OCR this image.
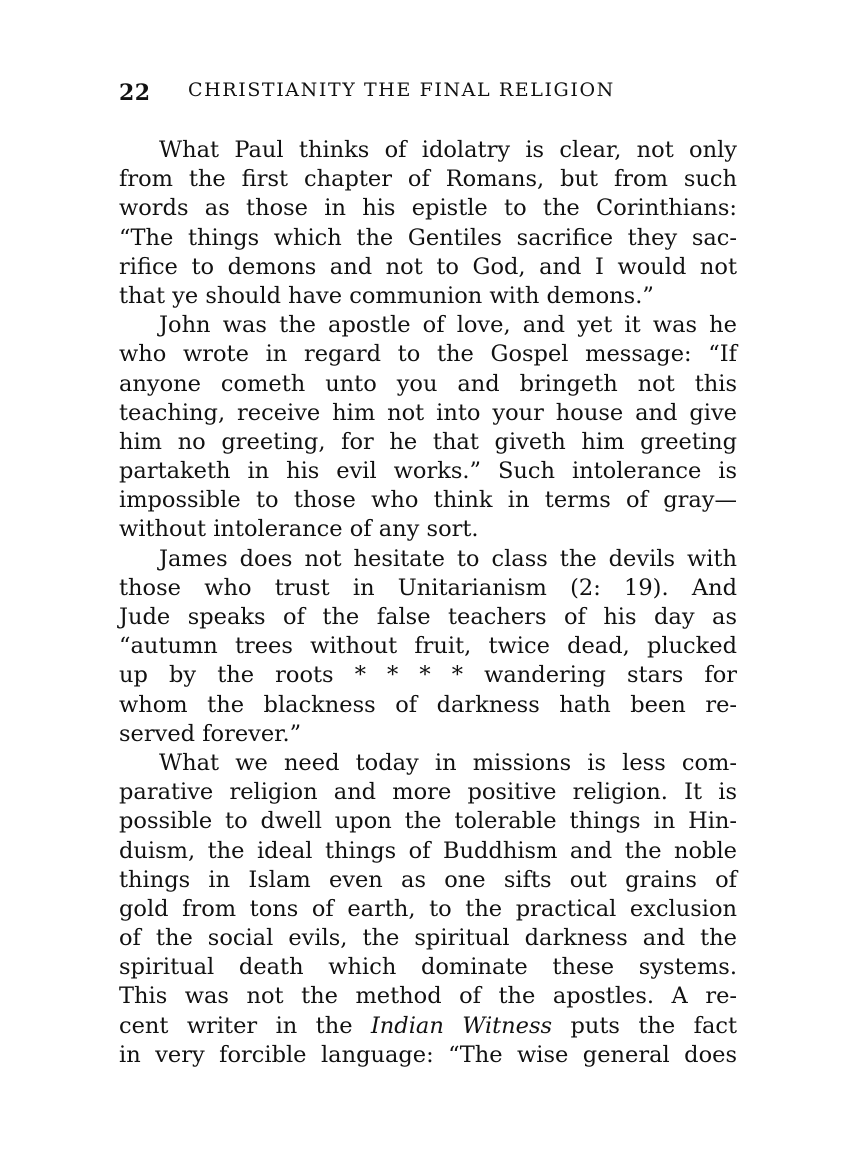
22 CHRISTIANITY THE FINAL RELIGION
What Paul thinks of idolatry is clear, not only
from the first chapter of Romans, but from such
words as those in his epistle to the Corinthians:
“The things which the Gentiles sacrifice they sac-
rifice to demons and not to God, and I would not
that ye should have communion with demons.”
John was the apostle of love, and yet it was he
who wrote in regard to the Gospel message: “If
anyone cometh unto you and bringeth not this
teaching, receive him not into your house and give
him no greeting, for he that giveth him greeting
partaketh in his evil works.” Such intolerance is
impossible to those who think in terms of gray—
without intolerance of any sort.
James does not hesitate to class the devils with
those who trust in Unitarianism (2: 19). And
Jude speaks of the false teachers of his day as
“autumn trees without fruit, twice dead, plucked
up by the roots * * * * wandering stars for
whom the blackness of darkness hath been re-
served forever.”
What we need today in missions is less com-
parative religion and more positive religion. It is
possible to dwell upon the tolerable things in Hin-
duism, the ideal things of Buddhism and the noble
things in Islam even as one sifts out grains of
gold from tons of earth, to the practical exclusion
of the social evils, the spiritual darkness and the
spiritual death which dominate these systems.
This was not the method of the apostles. A re-
cent writer in the Indian Witness puts the fact
in very forcible language: “The wise general does
